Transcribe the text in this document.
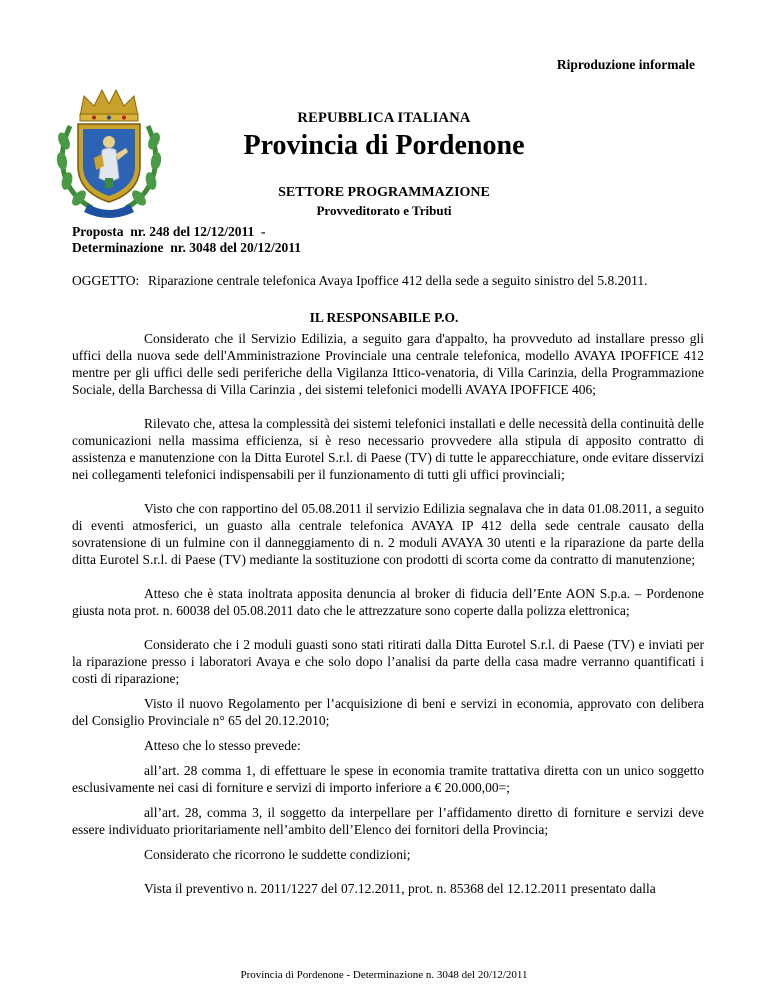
Riproduzione informale
REPUBBLICA ITALIANA
Provincia di Pordenone
SETTORE PROGRAMMAZIONE
Provveditorato e Tributi
Proposta  nr. 248 del 12/12/2011  -
Determinazione  nr. 3048 del 20/12/2011
OGGETTO: Riparazione centrale telefonica Avaya Ipoffice 412 della sede a seguito sinistro del 5.8.2011.
IL RESPONSABILE P.O.

Considerato che il Servizio Edilizia, a seguito gara d'appalto, ha provveduto ad installare presso gli uffici della nuova sede dell'Amministrazione Provinciale una centrale telefonica, modello AVAYA IPOFFICE 412 mentre per gli uffici delle sedi periferiche della Vigilanza Ittico-venatoria, di Villa Carinzia, della Programmazione Sociale, della Barchessa di Villa Carinzia , dei sistemi telefonici modelli AVAYA IPOFFICE 406;

Rilevato che, attesa la complessità dei sistemi telefonici installati e delle necessità della continuità delle comunicazioni nella massima efficienza, si è reso necessario provvedere alla stipula di apposito contratto di assistenza e manutenzione con la Ditta Eurotel S.r.l. di Paese (TV) di tutte le apparecchiature, onde evitare disservizi nei collegamenti telefonici indispensabili per il funzionamento di tutti gli uffici provinciali;

Visto che con rapportino del 05.08.2011 il servizio Edilizia segnalava che in data 01.08.2011, a seguito di eventi atmosferici, un guasto alla centrale telefonica AVAYA IP 412 della sede centrale causato della sovratensione di un fulmine con il danneggiamento di n. 2 moduli AVAYA 30 utenti e la riparazione da parte della ditta Eurotel S.r.l. di Paese (TV) mediante la sostituzione con prodotti di scorta come da contratto di manutenzione;

Atteso che è stata inoltrata apposita denuncia al broker di fiducia dell’Ente AON S.p.a. – Pordenone giusta nota prot. n. 60038 del 05.08.2011 dato che le attrezzature sono coperte dalla polizza elettronica;

Considerato che i 2 moduli guasti sono stati ritirati dalla Ditta Eurotel S.r.l. di Paese (TV) e inviati per la riparazione presso i laboratori Avaya e che solo dopo l’analisi da parte della casa madre verranno quantificati i costi di riparazione;

Visto il nuovo Regolamento per l’acquisizione di beni e servizi in economia, approvato con delibera del Consiglio Provinciale n° 65 del 20.12.2010;

Atteso che lo stesso prevede:

all’art. 28 comma 1, di effettuare le spese in economia tramite trattativa diretta con un unico soggetto esclusivamente nei casi di forniture e servizi di importo inferiore a € 20.000,00=;

all’art. 28, comma 3, il soggetto da interpellare per l’affidamento diretto di forniture e servizi deve essere individuato prioritariamente nell’ambito dell’Elenco dei fornitori della Provincia;

Considerato che ricorrono le suddette condizioni;

Vista il preventivo n. 2011/1227 del 07.12.2011, prot. n. 85368 del 12.12.2011 presentato dalla

Provincia di Pordenone - Determinazione n. 3048 del 20/12/2011
